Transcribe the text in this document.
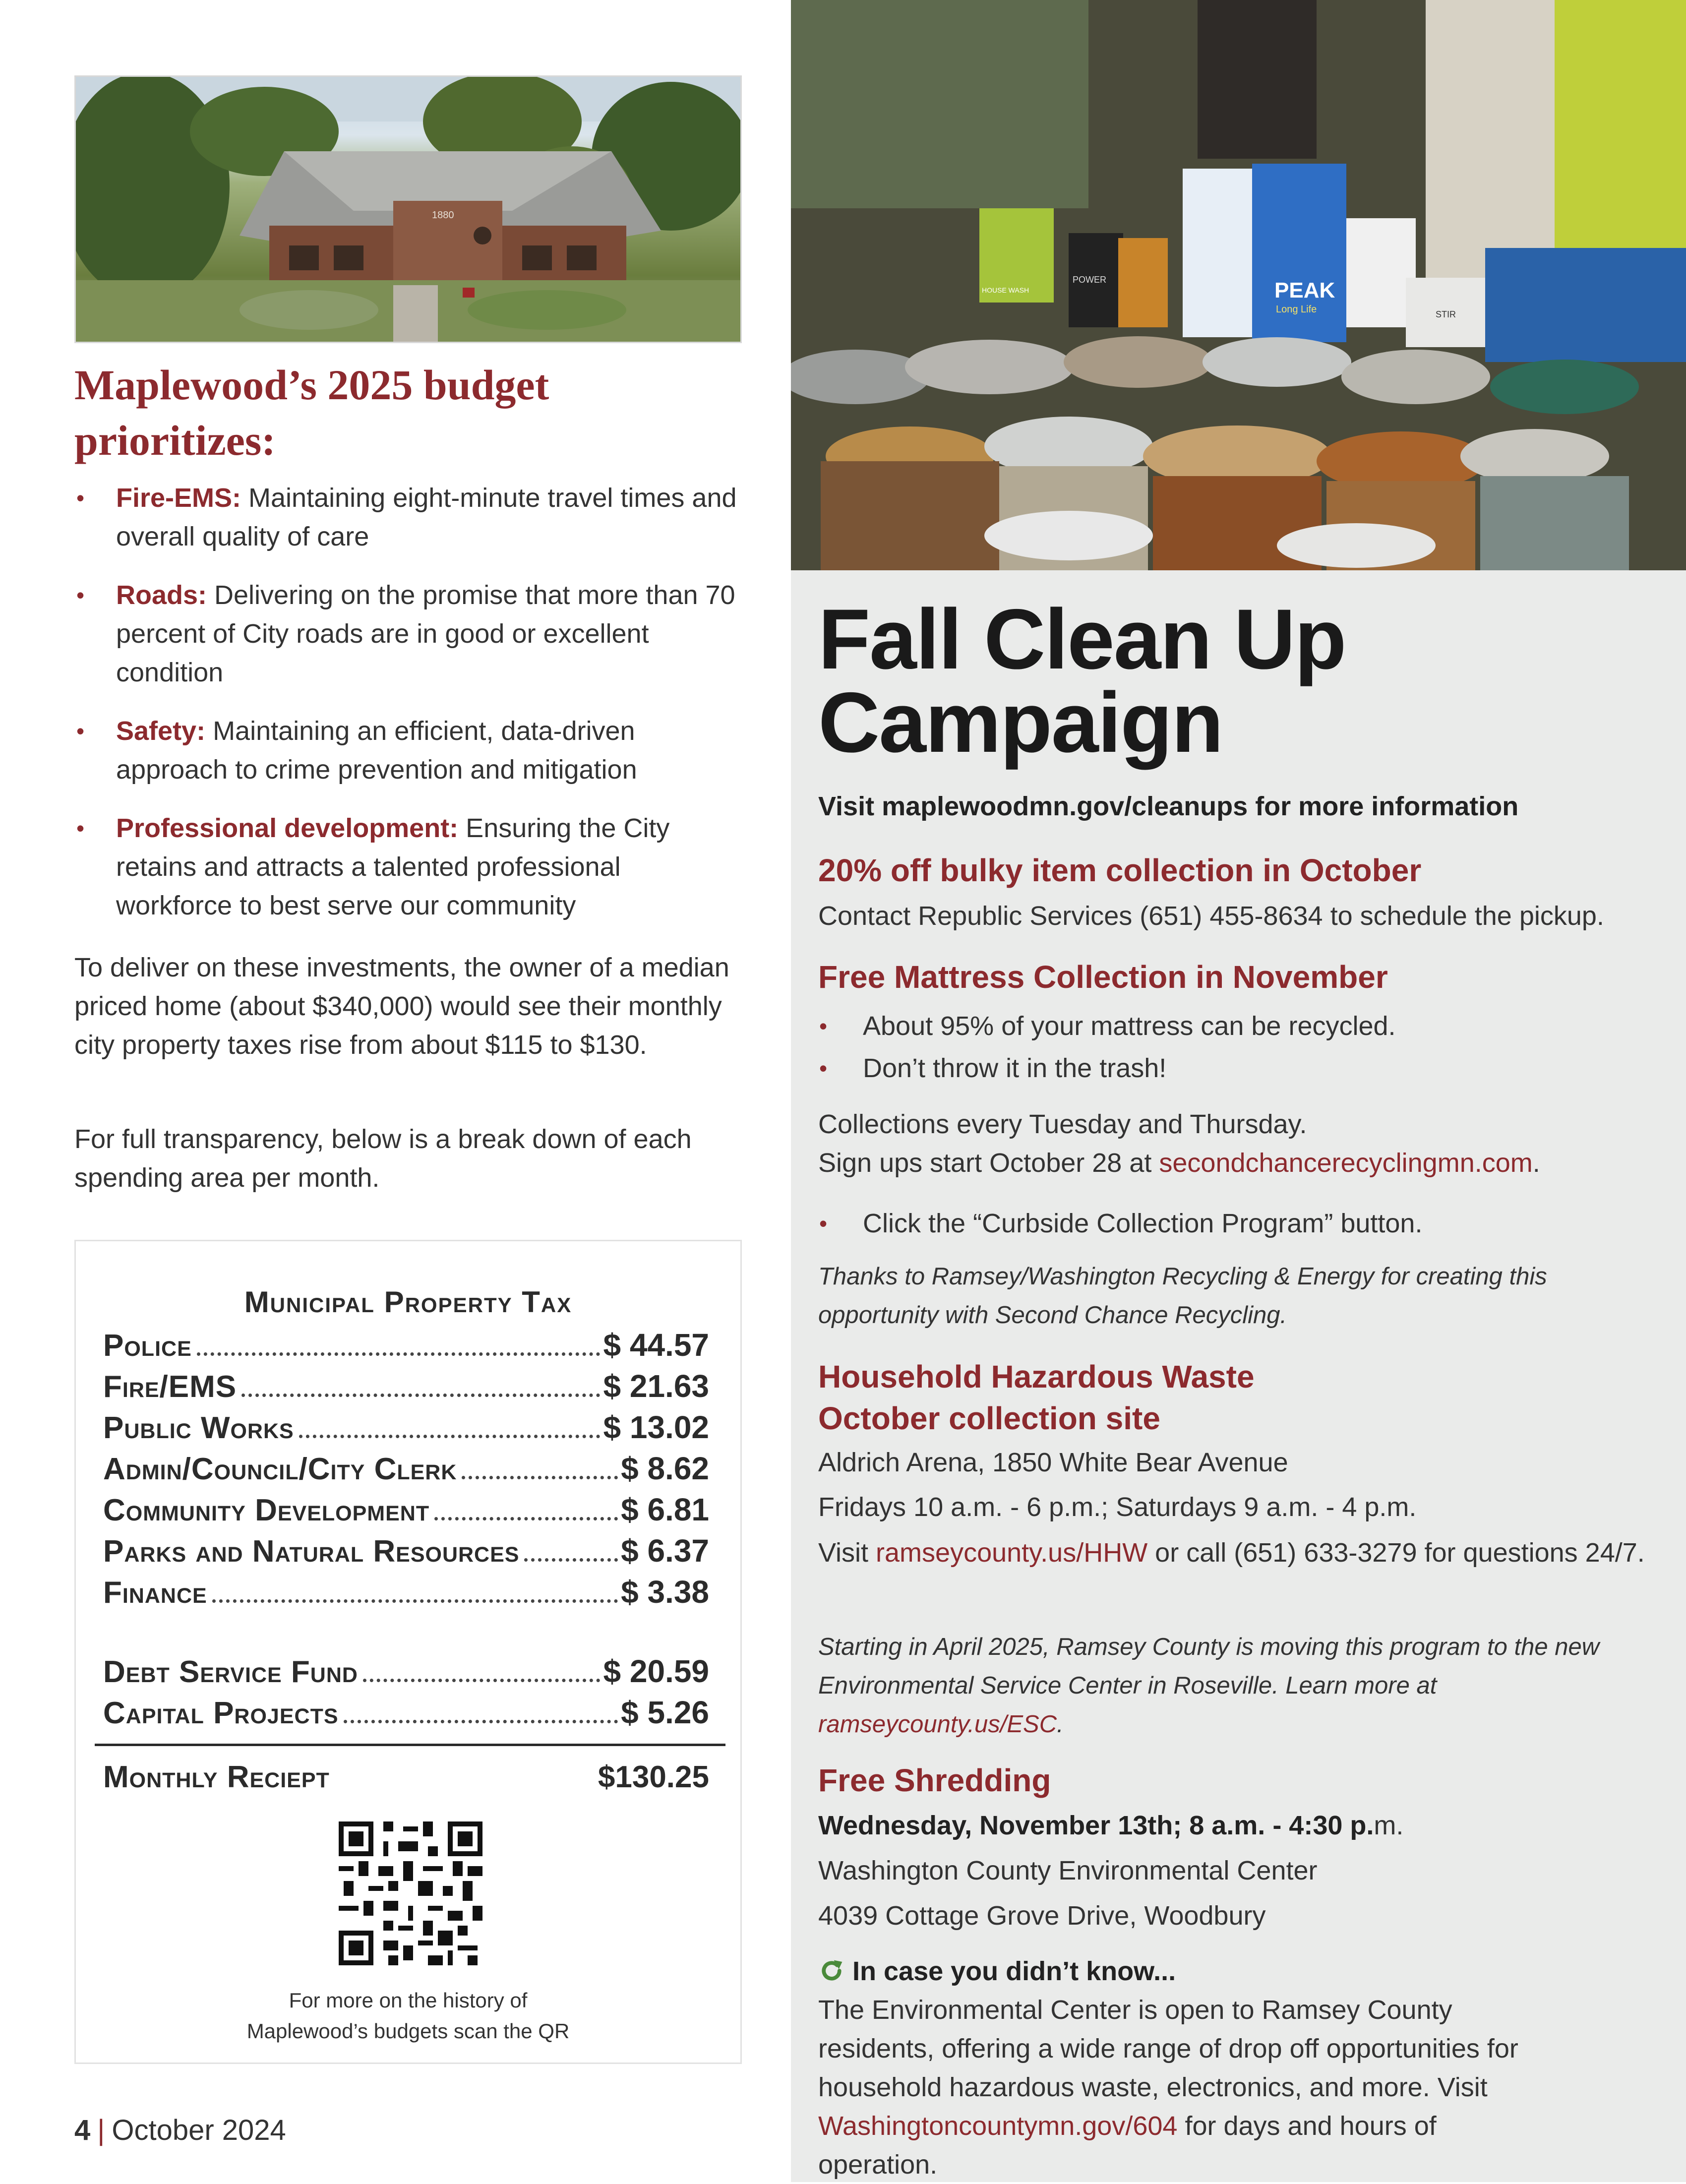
1880
Maplewood’s 2025 budget prioritizes:
• Fire-EMS: Maintaining eight-minute travel times and overall quality of care
• Roads: Delivering on the promise that more than 70 percent of City roads are in good or excellent condition
• Safety: Maintaining an efficient, data-driven approach to crime prevention and mitigation
• Professional development: Ensuring the City retains and attracts a talented professional workforce to best serve our community

To deliver on these investments, the owner of a median priced home (about $340,000) would see their monthly city property taxes rise from about $115 to $130.

For full transparency, below is a break down of each spending area per month.

Municipal Property Tax
Police	$ 44.57
Fire/EMS	$ 21.63
Public Works	$ 13.02
Admin/Council/City Clerk	$ 8.62
Community Development	$ 6.81
Parks and Natural Resources	$ 6.37
Finance	$ 3.38
Debt Service Fund	$ 20.59
Capital Projects	$ 5.26
Monthly Reciept	$130.25
For more on the history of
Maplewood’s budgets scan the QR
4 | October 2024
HOUSE WASH
POWER	PEAK
Long Life	STIR
Fall Clean Up
Campaign

Visit maplewoodmn.gov/cleanups for more information

20% off bulky item collection in October

Contact Republic Services (651) 455-8634 to schedule the pickup.

Free Mattress Collection in November
• About 95% of your mattress can be recycled.
• Don’t throw it in the trash!

Collections every Tuesday and Thursday.
Sign ups start October 28 at secondchancerecyclingmn.com.

• Click the “Curbside Collection Program” button.

Thanks to Ramsey/Washington Recycling & Energy for creating this opportunity with Second Chance Recycling.

Household Hazardous Waste
October collection site

Aldrich Arena, 1850 White Bear Avenue

Fridays 10 a.m. - 6 p.m.; Saturdays 9 a.m. - 4 p.m.

Visit ramseycounty.us/HHW or call (651) 633-3279 for questions 24/7.

Starting in April 2025, Ramsey County is moving this program to the new Environmental Service Center in Roseville. Learn more at ramseycounty.us/ESC.

Free Shredding

Wednesday, November 13th; 8 a.m. - 4:30 p.m.

Washington County Environmental Center

4039 Cottage Grove Drive, Woodbury

In case you didn’t know...

The Environmental Center is open to Ramsey County residents, offering a wide range of drop off opportunities for household hazardous waste, electronics, and more. Visit Washingtoncountymn.gov/604 for days and hours of operation.
